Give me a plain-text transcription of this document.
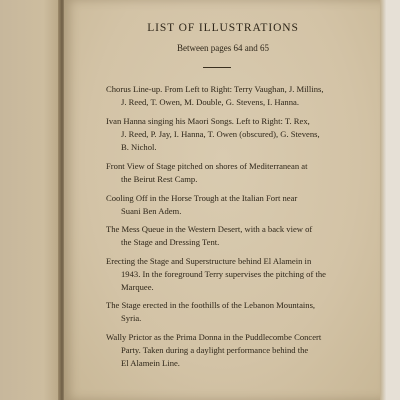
LIST OF ILLUSTRATIONS
Between pages 64 and 65
Chorus Line-up. From Left to Right: Terry Vaughan, J. Millins,
J. Reed, T. Owen, M. Double, G. Stevens, I. Hanna.
Ivan Hanna singing his Maori Songs. Left to Right: T. Rex,
J. Reed, P. Jay, I. Hanna, T. Owen (obscured), G. Stevens,
B. Nichol.
Front View of Stage pitched on shores of Mediterranean at
the Beirut Rest Camp.
Cooling Off in the Horse Trough at the Italian Fort near
Suani Ben Adem.
The Mess Queue in the Western Desert, with a back view of
the Stage and Dressing Tent.
Erecting the Stage and Superstructure behind El Alamein in
1943. In the foreground Terry supervises the pitching of the
Marquee.
The Stage erected in the foothills of the Lebanon Mountains,
Syria.
Wally Prictor as the Prima Donna in the Puddlecombe Concert
Party. Taken during a daylight performance behind the
El Alamein Line.
